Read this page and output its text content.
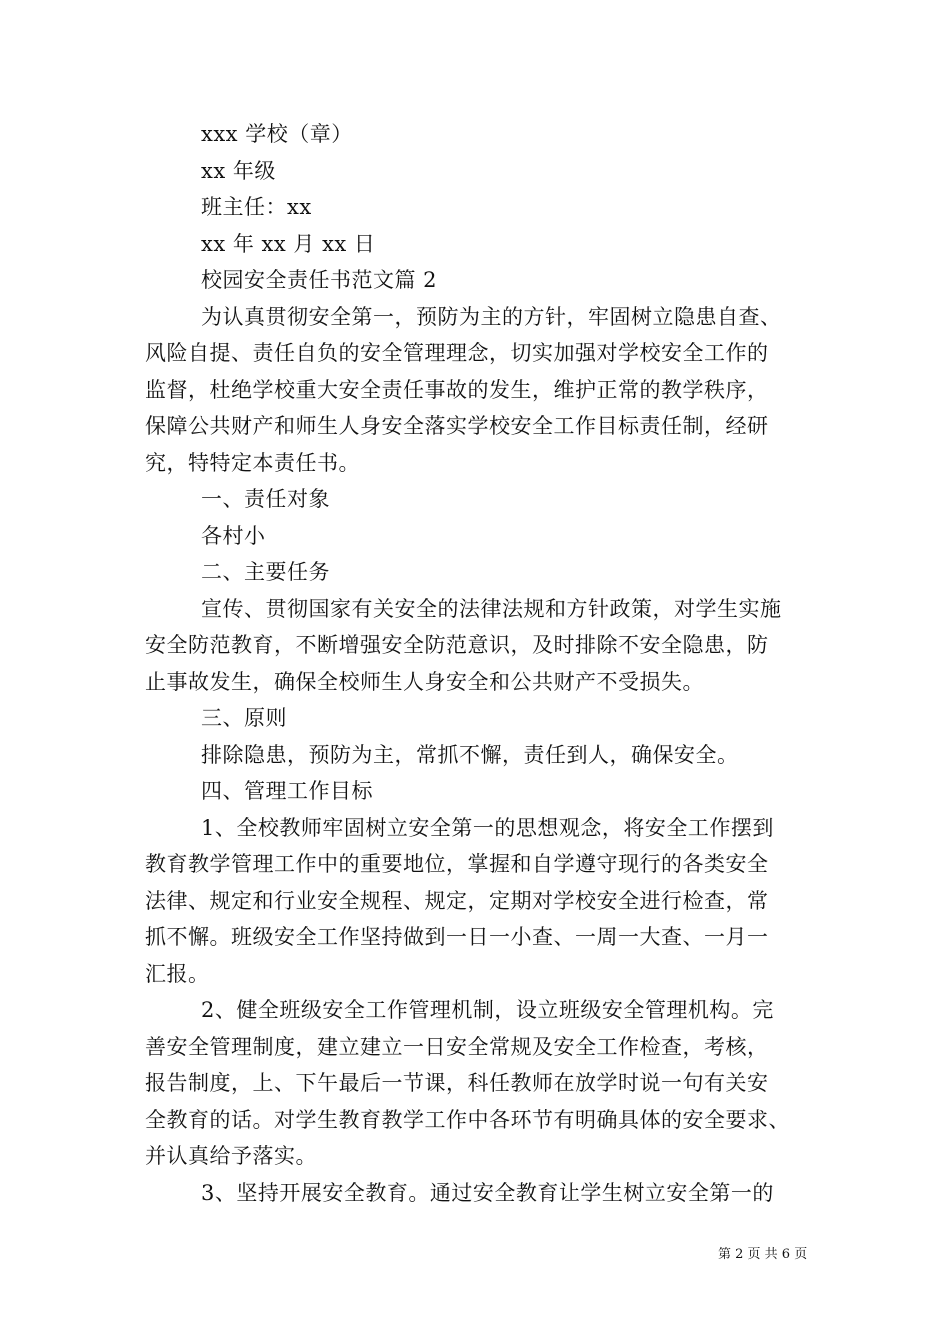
xxx 学校（章）
xx 年级
班主任：xx
xx 年 xx 月 xx 日
校园安全责任书范文篇 2
为认真贯彻安全第一，预防为主的方针，牢固树立隐患自查、
风险自提、责任自负的安全管理理念，切实加强对学校安全工作的
监督，杜绝学校重大安全责任事故的发生，维护正常的教学秩序，
保障公共财产和师生人身安全落实学校安全工作目标责任制，经研
究，特特定本责任书。
一、责任对象
各村小
二、主要任务
宣传、贯彻国家有关安全的法律法规和方针政策，对学生实施
安全防范教育，不断增强安全防范意识，及时排除不安全隐患，防
止事故发生，确保全校师生人身安全和公共财产不受损失。
三、原则
排除隐患，预防为主，常抓不懈，责任到人，确保安全。
四、管理工作目标
1、全校教师牢固树立安全第一的思想观念，将安全工作摆到
教育教学管理工作中的重要地位，掌握和自学遵守现行的各类安全
法律、规定和行业安全规程、规定，定期对学校安全进行检查，常
抓不懈。班级安全工作坚持做到一日一小查、一周一大查、一月一
汇报。
2、健全班级安全工作管理机制，设立班级安全管理机构。完
善安全管理制度，建立建立一日安全常规及安全工作检查，考核，
报告制度，上、下午最后一节课，科任教师在放学时说一句有关安
全教育的话。对学生教育教学工作中各环节有明确具体的安全要求、
并认真给予落实。
3、坚持开展安全教育。通过安全教育让学生树立安全第一的
第 2 页 共 6 页
